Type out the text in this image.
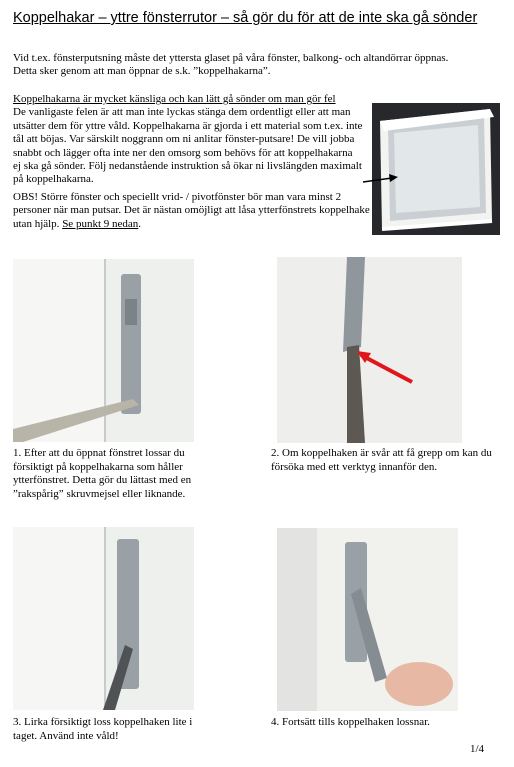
Koppelhakar – yttre fönsterrutor – så gör du för att de inte ska gå sönder
Vid t.ex. fönsterputsning måste det yttersta glaset på våra fönster, balkong- och altandörrar öppnas.
Detta sker genom att man öppnar de s.k. ”koppelhakarna”.
Koppelhakarna är mycket känsliga och kan lätt gå sönder om man gör fel
De vanligaste felen är att man inte lyckas stänga dem ordentligt eller att man utsätter dem för yttre våld. Koppelhakarna är gjorda i ett material som t.ex. inte tål att böjas. Var särskilt noggrann om ni anlitar fönster-putsare! De vill jobba snabbt och lägger ofta inte ner den omsorg som behövs för att koppelhakarna ej ska gå sönder. Följ nedanstående instruktion så ökar ni livslängden maximalt på koppelhakarna.
OBS! Större fönster och speciellt vrid- / pivotfönster bör man vara minst 2 personer när man putsar. Det är nästan omöjligt att låsa ytterfönstrets koppelhake utan hjälp. Se punkt 9 nedan.
1. Efter att du öppnat fönstret lossar du försiktigt på koppelhakarna som håller ytterfönstret. Detta gör du lättast med en ”rakspårig” skruvmejsel eller liknande.
2. Om koppelhaken är svår att få grepp om kan du försöka med ett verktyg innanför den.
3. Lirka försiktigt loss koppelhaken lite i taget. Använd inte våld!
4. Fortsätt tills koppelhaken lossnar.
1/4
